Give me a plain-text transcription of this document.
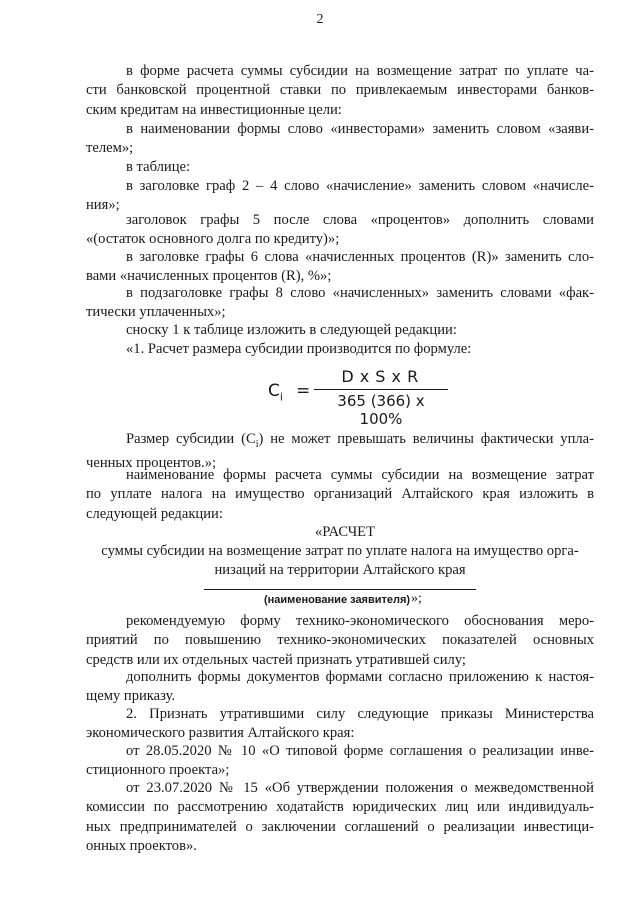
2
в форме расчета суммы субсидии на возмещение затрат по уплате ча-
сти банковской процентной ставки по привлекаемым инвесторами банков-
ским кредитам на инвестиционные цели:
в наименовании формы слово «инвесторами» заменить словом «заяви-
телем»;
в таблице:
в заголовке граф 2 – 4 слово «начисление» заменить словом «начисле-
ния»;
заголовок графы 5 после слова «процентов» дополнить словами
«(остаток основного долга по кредиту)»;
в заголовке графы 6 слова «начисленных процентов (R)» заменить сло-
вами «начисленных процентов (R), %»;
в подзаголовке графы 8 слово «начисленных» заменить словами «фак-
тически уплаченных»;
сноску 1 к таблице изложить в следующей редакции:
«1. Расчет размера субсидии производится по формуле:
$C_i$ =
D x S x R
365 (366) x 100%
Размер субсидии $(C_i)$ не может превышать величины фактически упла-
ченных процентов.»;
наименование формы расчета суммы субсидии на возмещение затрат
по уплате налога на имущество организаций Алтайского края изложить в
следующей редакции:
«РАСЧЕТ
суммы субсидии на возмещение затрат по уплате налога на имущество орга-
низаций на территории Алтайского края
(наименование заявителя) »;
рекомендуемую форму технико-экономического обоснования меро-
приятий по повышению технико-экономических показателей основных
средств или их отдельных частей признать утратившей силу;
дополнить формы документов формами согласно приложению к настоя-
щему приказу.
2. Признать утратившими силу следующие приказы Министерства
экономического развития Алтайского края:
от 28.05.2020 № 10 «О типовой форме соглашения о реализации инве-
стиционного проекта»;
от 23.07.2020 № 15 «Об утверждении положения о межведомственной
комиссии по рассмотрению ходатайств юридических лиц или индивидуаль-
ных предпринимателей о заключении соглашений о реализации инвестици-
онных проектов».
